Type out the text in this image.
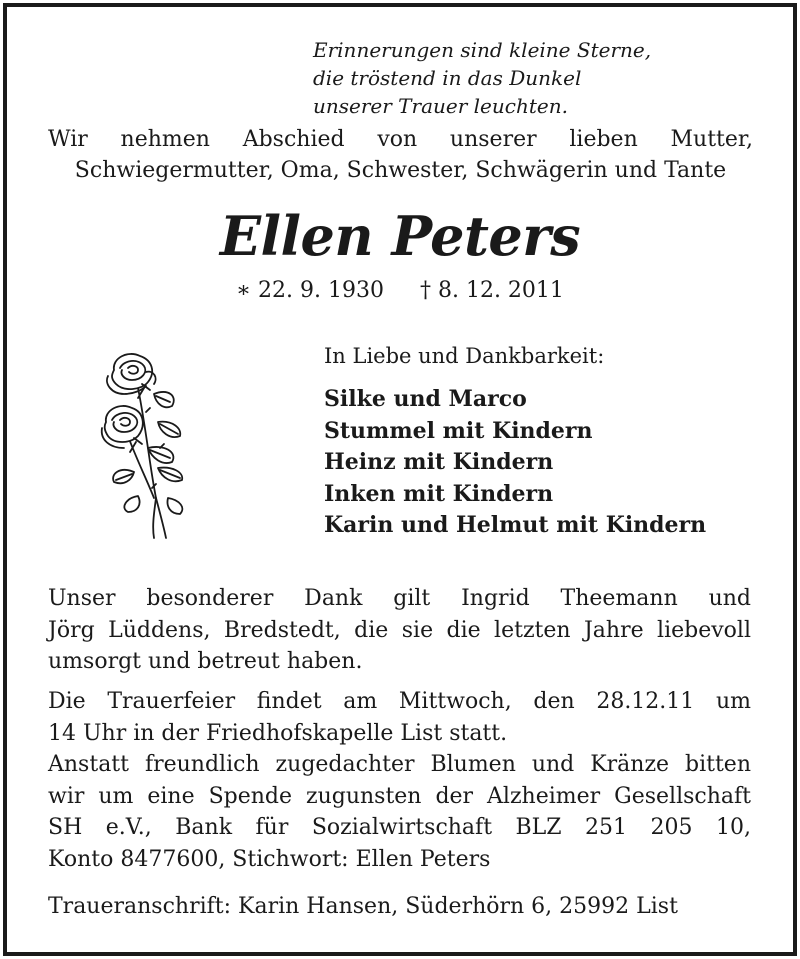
Erinnerungen sind kleine Sterne,
die tröstend in das Dunkel
unserer Trauer leuchten.
Wir nehmen Abschied von unserer lieben Mutter,
Schwiegermutter, Oma, Schwester, Schwägerin und Tante
Ellen Peters
∗ 22. 9. 1930 † 8. 12. 2011
In Liebe und Dankbarkeit:
Silke und Marco
Stummel mit Kindern
Heinz mit Kindern
Inken mit Kindern
Karin und Helmut mit Kindern
Unser besonderer Dank gilt Ingrid Theemann und
Jörg Lüddens, Bredstedt, die sie die letzten Jahre liebevoll
umsorgt und betreut haben.
Die Trauerfeier findet am Mittwoch, den 28.12.11 um
14 Uhr in der Friedhofskapelle List statt.
Anstatt freundlich zugedachter Blumen und Kränze bitten
wir um eine Spende zugunsten der Alzheimer Gesellschaft
SH e.V., Bank für Sozialwirtschaft BLZ 251 205 10,
Konto 8477600, Stichwort: Ellen Peters
Traueranschrift: Karin Hansen, Süderhörn 6, 25992 List
